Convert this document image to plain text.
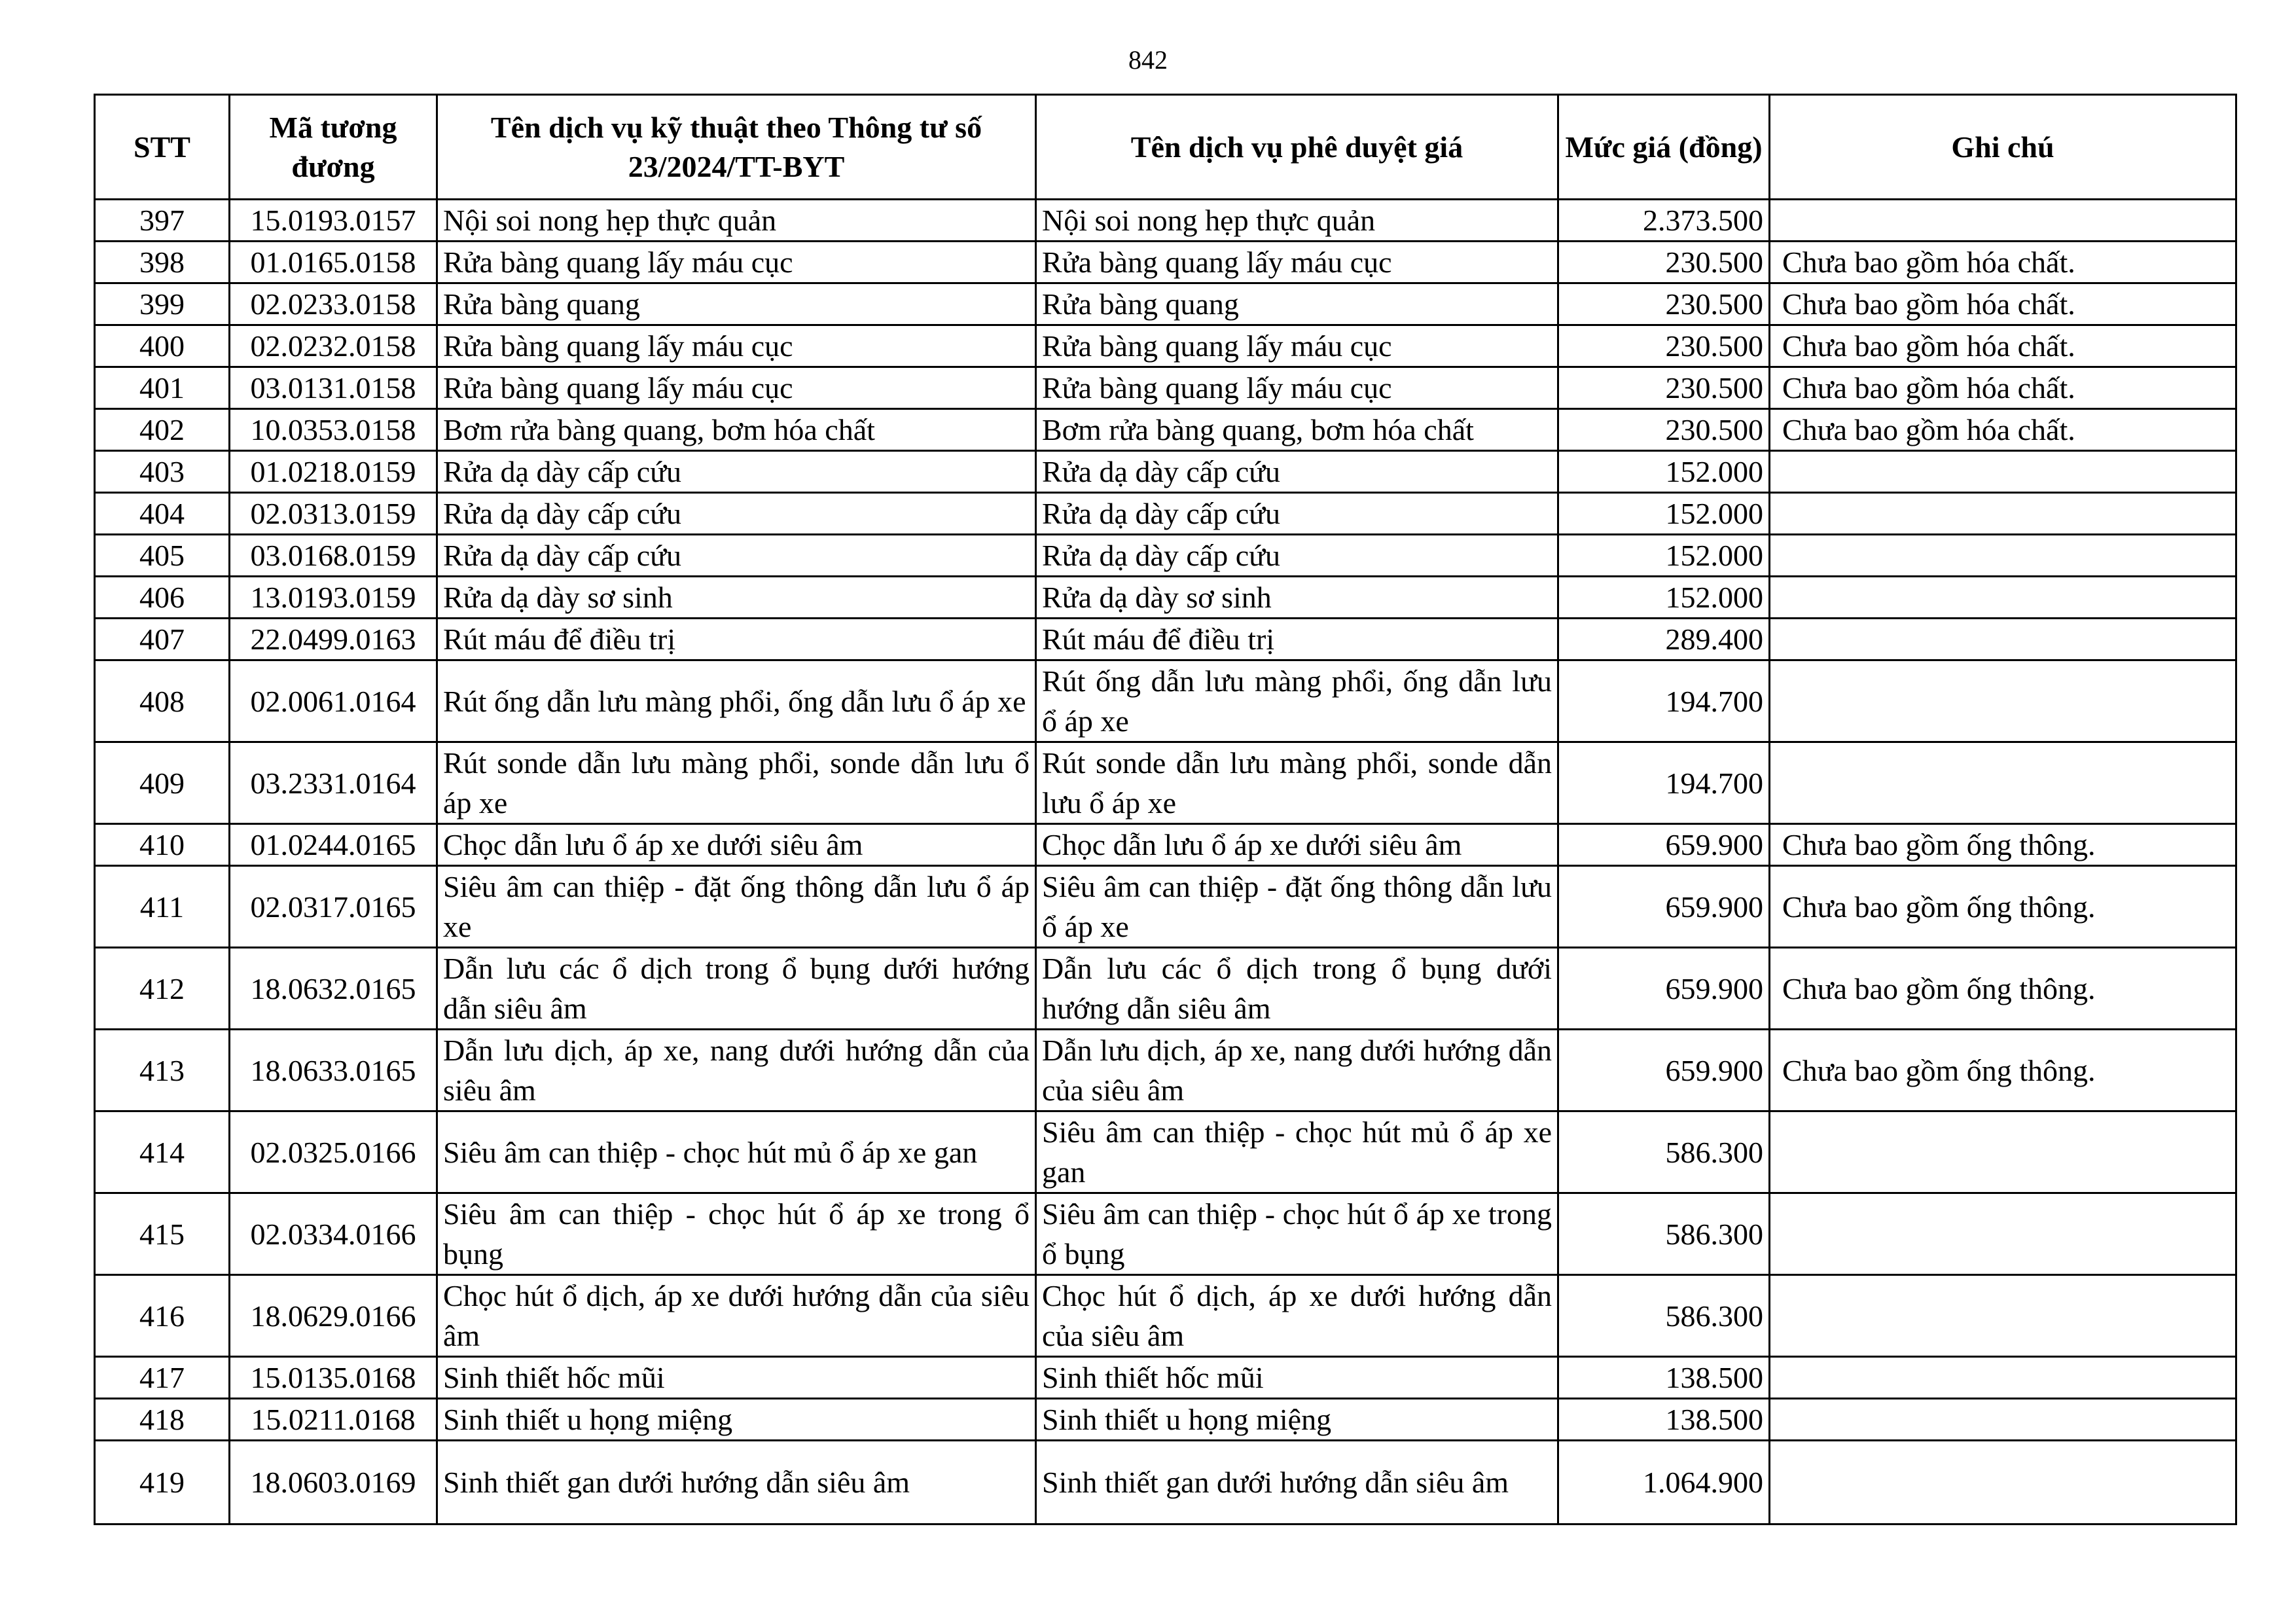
842
STT	Mã tương đương	Tên dịch vụ kỹ thuật theo Thông tư số 23/2024/TT-BYT	Tên dịch vụ phê duyệt giá	Mức giá (đồng)	Ghi chú
397	15.0193.0157	Nội soi nong hẹp thực quản	Nội soi nong hẹp thực quản	2.373.500	
398	01.0165.0158	Rửa bàng quang lấy máu cục	Rửa bàng quang lấy máu cục	230.500	Chưa bao gồm hóa chất.
399	02.0233.0158	Rửa bàng quang	Rửa bàng quang	230.500	Chưa bao gồm hóa chất.
400	02.0232.0158	Rửa bàng quang lấy máu cục	Rửa bàng quang lấy máu cục	230.500	Chưa bao gồm hóa chất.
401	03.0131.0158	Rửa bàng quang lấy máu cục	Rửa bàng quang lấy máu cục	230.500	Chưa bao gồm hóa chất.
402	10.0353.0158	Bơm rửa bàng quang, bơm hóa chất	Bơm rửa bàng quang, bơm hóa chất	230.500	Chưa bao gồm hóa chất.
403	01.0218.0159	Rửa dạ dày cấp cứu	Rửa dạ dày cấp cứu	152.000	
404	02.0313.0159	Rửa dạ dày cấp cứu	Rửa dạ dày cấp cứu	152.000	
405	03.0168.0159	Rửa dạ dày cấp cứu	Rửa dạ dày cấp cứu	152.000	
406	13.0193.0159	Rửa dạ dày sơ sinh	Rửa dạ dày sơ sinh	152.000	
407	22.0499.0163	Rút máu để điều trị	Rút máu để điều trị	289.400	
408	02.0061.0164	Rút ống dẫn lưu màng phổi, ống dẫn lưu ổ áp xe	Rút ống dẫn lưu màng phổi, ống dẫn lưu ổ áp xe	194.700	
409	03.2331.0164	Rút sonde dẫn lưu màng phổi, sonde dẫn lưu ổ áp xe	Rút sonde dẫn lưu màng phổi, sonde dẫn lưu ổ áp xe	194.700	
410	01.0244.0165	Chọc dẫn lưu ổ áp xe dưới siêu âm	Chọc dẫn lưu ổ áp xe dưới siêu âm	659.900	Chưa bao gồm ống thông.
411	02.0317.0165	Siêu âm can thiệp - đặt ống thông dẫn lưu ổ áp xe	Siêu âm can thiệp - đặt ống thông dẫn lưu ổ áp xe	659.900	Chưa bao gồm ống thông.
412	18.0632.0165	Dẫn lưu các ổ dịch trong ổ bụng dưới hướng dẫn siêu âm	Dẫn lưu các ổ dịch trong ổ bụng dưới hướng dẫn siêu âm	659.900	Chưa bao gồm ống thông.
413	18.0633.0165	Dẫn lưu dịch, áp xe, nang dưới hướng dẫn của siêu âm	Dẫn lưu dịch, áp xe, nang dưới hướng dẫn của siêu âm	659.900	Chưa bao gồm ống thông.
414	02.0325.0166	Siêu âm can thiệp - chọc hút mủ ổ áp xe gan	Siêu âm can thiệp - chọc hút mủ ổ áp xe gan	586.300	
415	02.0334.0166	Siêu âm can thiệp - chọc hút ổ áp xe trong ổ bụng	Siêu âm can thiệp - chọc hút ổ áp xe trong ổ bụng	586.300	
416	18.0629.0166	Chọc hút ổ dịch, áp xe dưới hướng dẫn của siêu âm	Chọc hút ổ dịch, áp xe dưới hướng dẫn của siêu âm	586.300	
417	15.0135.0168	Sinh thiết hốc mũi	Sinh thiết hốc mũi	138.500	
418	15.0211.0168	Sinh thiết u họng miệng	Sinh thiết u họng miệng	138.500	
419	18.0603.0169	Sinh thiết gan dưới hướng dẫn siêu âm	Sinh thiết gan dưới hướng dẫn siêu âm	1.064.900	
